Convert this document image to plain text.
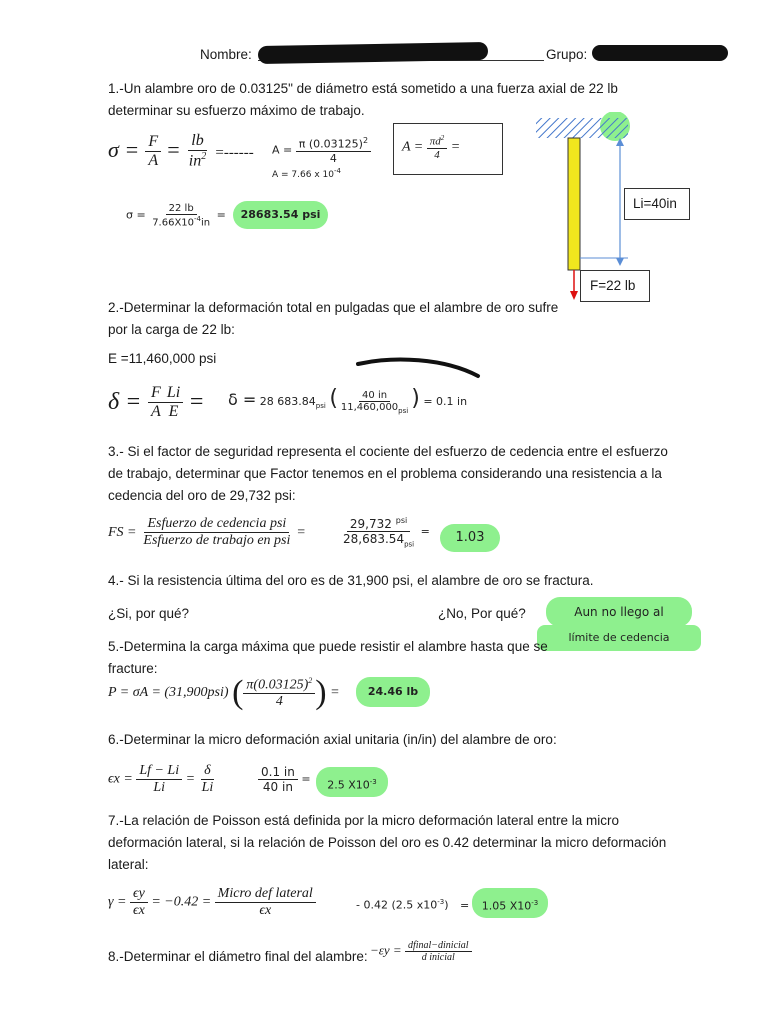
Nombre:	Grupo:
1.-Un alambre oro de 0.03125" de diámetro está sometido a una fuerza axial de 22 lb determinar su esfuerzo máximo de trabajo.
$\sigma = \frac{F}{A} = \frac{lb}{in^2}$ =------ $A = \frac{\pi (0.03125)^2}{4}$
A = 7.66 x $10^{-4}$
$A = \frac{\pi d^2}{4}$ =
$\sigma = \frac{22 lb}{7.66X10^{-4}in}$ =	28683.54 psi
Li=40in
F=22 lb
2.-Determinar la deformación total en pulgadas que el alambre de oro sufre por la carga de 22 lb:
E =11,460,000 psi
$\delta = \frac{F}{A} \frac{Li}{E} = \delta = 28$ $683.84_{psi}$ ( $\frac{40 in}{11,460,000_{psi}}$ ) = 0.1 in
3.- Si el factor de seguridad representa el cociente del esfuerzo de cedencia entre el esfuerzo de trabajo, determinar que Factor tenemos en el problema considerando una resistencia a la cedencia del oro de 29,732 psi:
FS = $\frac{\text{Esfuerzo de cedencia psi}}{\text{Esfuerzo de trabajo en psi}}$ =	$\frac{29,732 ^{psi}}{28,683.54_{psi}}$ =	1.03
4.- Si la resistencia última del oro es de 31,900 psi, el alambre de oro se fractura.
¿Si, por qué?	¿No, Por qué?	Aun no llego al
límite de cedencia
5.-Determina la carga máxima que puede resistir el alambre hasta que se fracture:
P = σA = (31,900psi) ( $\frac{\pi(0.03125)^2}{4}$ ) =	24.46 lb
6.-Determinar la micro deformación axial unitaria (in/in) del alambre de oro:
$\epsilon x = \frac{Lf - Li}{Li} = \frac{\delta}{Li}$	$\frac{0.1 in}{40 in}$ =	2.5 $X10^{-3}$
7.-La relación de Poisson está definida por la micro deformación lateral entre la micro deformación lateral, si la relación de Poisson del oro es 0.42 determinar la micro deformación lateral:
$\gamma = \frac{\epsilon y}{\epsilon x} = -0.42 = \frac{\text{Micro def lateral}}{\epsilon x}$	- 0.42 (2.5 $x10^{-3}$) =	1.05 $X10^{-3}$
8.-Determinar el diámetro final del alambre: $-\varepsilon y = \frac{\text{dfinal−dinicial}}{\text{d inicial}}$
